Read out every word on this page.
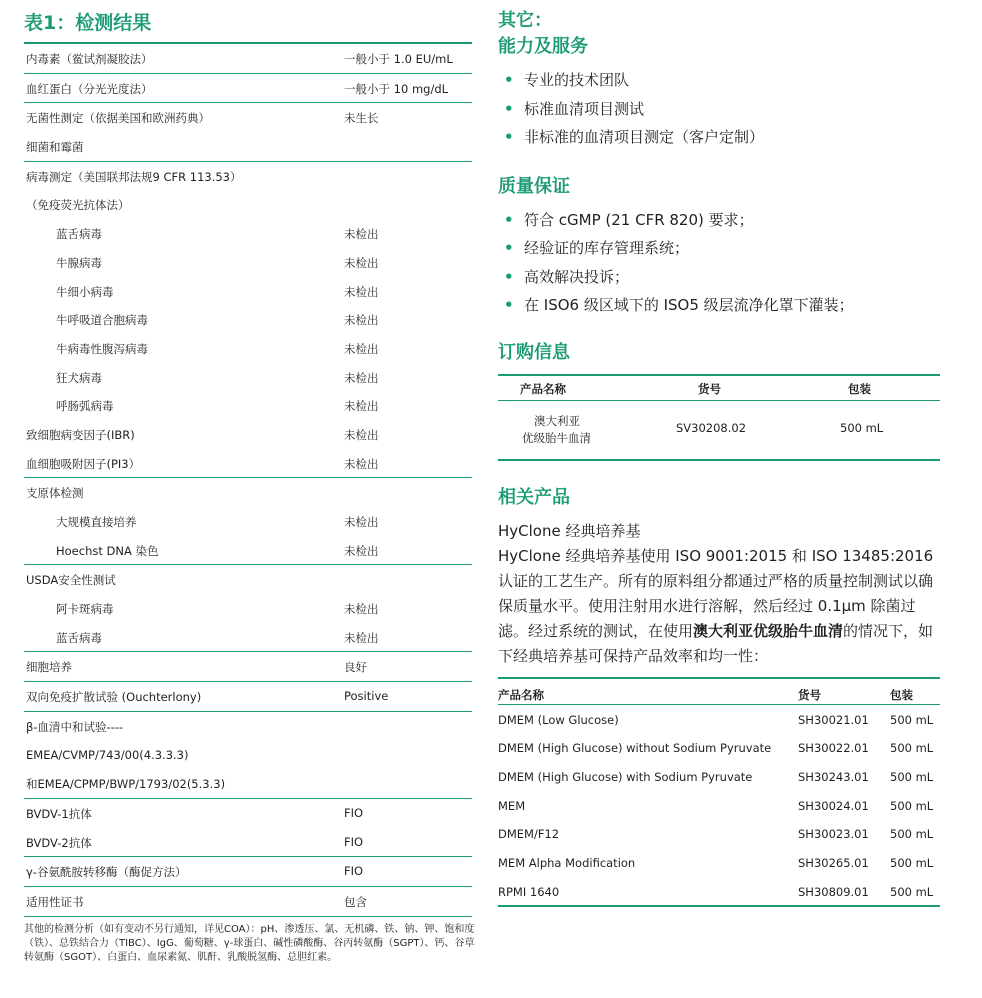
表1：检测结果
内毒素（鲎试剂凝胶法）	一般小于 1.0 EU/mL
血红蛋白（分光光度法）	一般小于 10 mg/dL
无菌性测定（依据美国和欧洲药典）	未生长
细菌和霉菌
病毒测定（美国联邦法规9 CFR 113.53）
（免疫荧光抗体法）
蓝舌病毒	未检出
牛腺病毒	未检出
牛细小病毒	未检出
牛呼吸道合胞病毒	未检出
牛病毒性腹泻病毒	未检出
狂犬病毒	未检出
呼肠弧病毒	未检出
致细胞病变因子(IBR)	未检出
血细胞吸附因子(PI3）	未检出
支原体检测
大规模直接培养	未检出
Hoechst DNA 染色	未检出
USDA安全性测试
阿卡斑病毒	未检出
蓝舌病毒	未检出
细胞培养	良好
双向免疫扩散试验 (Ouchterlony)	Positive
β-血清中和试验----
EMEA/CVMP/743/00(4.3.3.3)
和EMEA/CPMP/BWP/1793/02(5.3.3)
BVDV-1抗体	FIO
BVDV-2抗体	FIO
γ-谷氨酰胺转移酶（酶促方法）	FIO
适用性证书	包含
其他的检测分析（如有变动不另行通知，详见COA）：pH、渗透压、氯、无机磷、铁、钠、钾、饱和度（铁）、总铁结合力（TIBC）、IgG、葡萄糖、γ-球蛋白、碱性磷酸酶、谷丙转氨酶（SGPT）、钙、谷草转氨酶（SGOT）、白蛋白、血尿素氮、肌酐、乳酸脱氢酶、总胆红素。
其它：
能力及服务
• 专业的技术团队
• 标准血清项目测试
• 非标准的血清项目测定（客户定制）
质量保证
• 符合 cGMP (21 CFR 820) 要求；
• 经验证的库存管理系统；
• 高效解决投诉；
• 在 ISO6 级区域下的 ISO5 级层流净化罩下灌装；
订购信息
产品名称	货号	包装
澳大利亚
优级胎牛血清
SV30208.02	500 mL
相关产品
HyClone 经典培养基
HyClone 经典培养基使用 ISO 9001:2015 和 ISO 13485:2016 认证的工艺生产。所有的原料组分都通过严格的质量控制测试以确保质量水平。使用注射用水进行溶解，然后经过 0.1μm 除菌过滤。经过系统的测试，在使用澳大利亚优级胎牛血清的情况下，如下经典培养基可保持产品效率和均一性：
产品名称	货号	包装
DMEM (Low Glucose)	SH30021.01 500 mL
DMEM (High Glucose) without Sodium Pyruvate SH30022.01 500 mL
DMEM (High Glucose) with Sodium Pyruvate	SH30243.01 500 mL
MEM	SH30024.01 500 mL
DMEM/F12	SH30023.01 500 mL
MEM Alpha Modification	SH30265.01 500 mL
RPMI 1640	SH30809.01 500 mL
